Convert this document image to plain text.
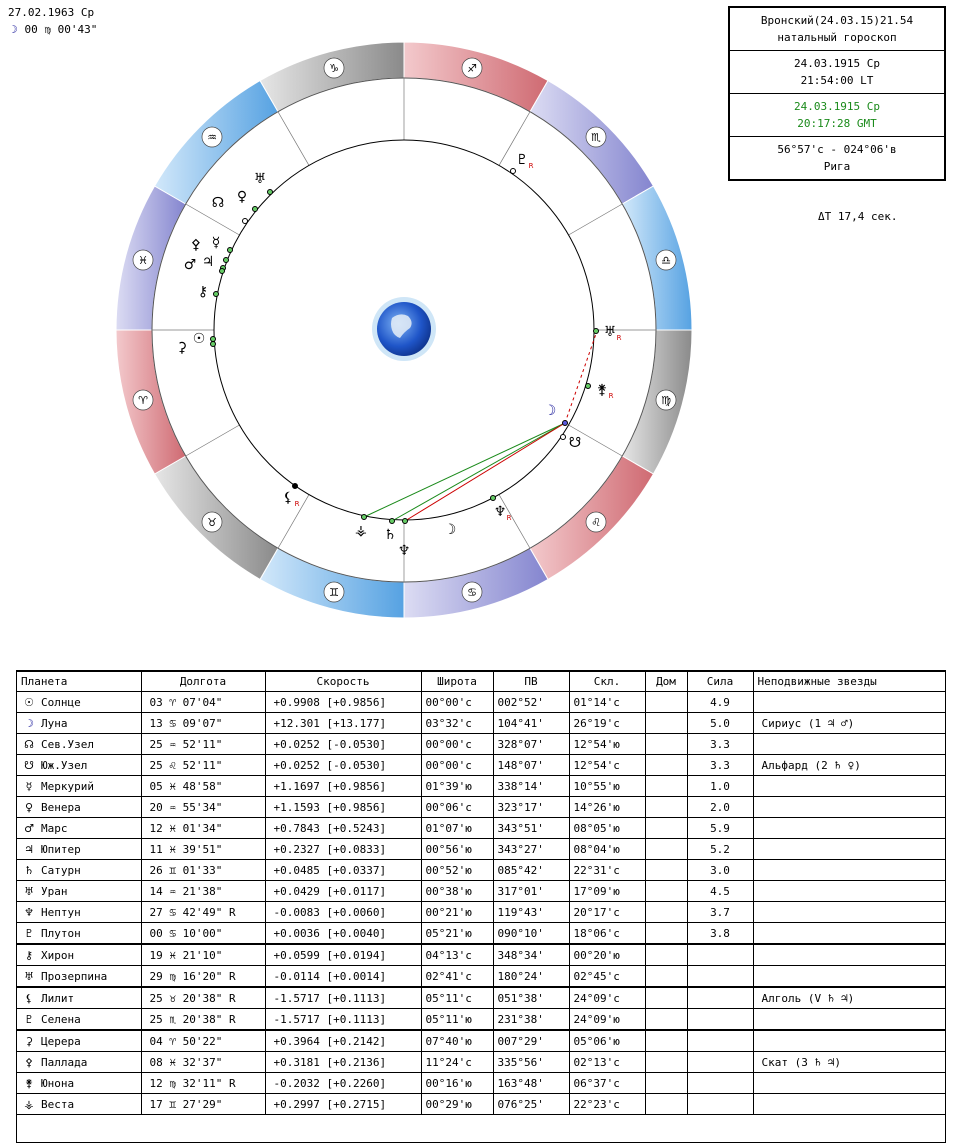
27.02.1963 Ср
☽ 00 ♍ 00'43"
Вронский(24.03.15)21.54
натальный гороскоп
24.03.1915 Ср
21:54:00 LT
24.03.1915 Ср
20:17:28 GMT
56°57'с - 024°06'в
Рига
ΔT 17,4 сек.
♑	♐
♏
♎
♍
♌
♋
♊
♉
♈
♓
♒
♇ R
♅
♀
☊
☿
⚴
♂ ♃
⚷
☉
⚳
♅ R
⚵ R
☽
☋
♆ R
☽
♄
♆
⚶
⚸ R
Планета	Долгота	Скорость	Широта	ПВ	Скл.	Дом	Сила	Неподвижные звезды
☉ Солнце	03 ♈ 07'04"	+0.9908 [+0.9856]	00°00'с	002°52'	01°14'с		4.9	
☽ Луна	13 ♋ 09'07"	+12.301 [+13.177]	03°32'с	104°41'	26°19'с		5.0	Сириус (1 ♃ ♂)
☊ Сев.Узел	25 ♒ 52'11"	+0.0252 [-0.0530]	00°00'с	328°07'	12°54'ю		3.3	
☋ Юж.Узел	25 ♌ 52'11"	+0.0252 [-0.0530]	00°00'с	148°07'	12°54'с		3.3	Альфард (2 ♄ ♀)
☿ Меркурий	05 ♓ 48'58"	+1.1697 [+0.9856]	01°39'ю	338°14'	10°55'ю		1.0	
♀ Венера	20 ♒ 55'34"	+1.1593 [+0.9856]	00°06'с	323°17'	14°26'ю		2.0	
♂ Марс	12 ♓ 01'34"	+0.7843 [+0.5243]	01°07'ю	343°51'	08°05'ю		5.9	
♃ Юпитер	11 ♓ 39'51"	+0.2327 [+0.0833]	00°56'ю	343°27'	08°04'ю		5.2	
♄ Сатурн	26 ♊ 01'33"	+0.0485 [+0.0337]	00°52'ю	085°42'	22°31'с		3.0	
♅ Уран	14 ♒ 21'38"	+0.0429 [+0.0117]	00°38'ю	317°01'	17°09'ю		4.5	
♆ Нептун	27 ♋ 42'49" R	-0.0083 [+0.0060]	00°21'ю	119°43'	20°17'с		3.7	
♇ Плутон	00 ♋ 10'00"	+0.0036 [+0.0040]	05°21'ю	090°10'	18°06'с		3.8	
⚷ Хирон	19 ♓ 21'10"	+0.0599 [+0.0194]	04°13'с	348°34'	00°20'ю			
♅ Прозерпина	29 ♍ 16'20" R	-0.0114 [+0.0014]	02°41'с	180°24'	02°45'с			
⚸ Лилит	25 ♉ 20'38" R	-1.5717 [+0.1113]	05°11'с	051°38'	24°09'с			Алголь (V ♄ ♃)
♇ Селена	25 ♏ 20'38" R	-1.5717 [+0.1113]	05°11'ю	231°38'	24°09'ю			
⚳ Церера	04 ♈ 50'22"	+0.3964 [+0.2142]	07°40'ю	007°29'	05°06'ю			
⚴ Паллада	08 ♓ 32'37"	+0.3181 [+0.2136]	11°24'с	335°56'	02°13'с			Скат (3 ♄ ♃)
⚵ Юнона	12 ♍ 32'11" R	-0.2032 [+0.2260]	00°16'ю	163°48'	06°37'с			
⚶ Веста	17 ♊ 27'29"	+0.2997 [+0.2715]	00°29'ю	076°25'	22°23'с			
